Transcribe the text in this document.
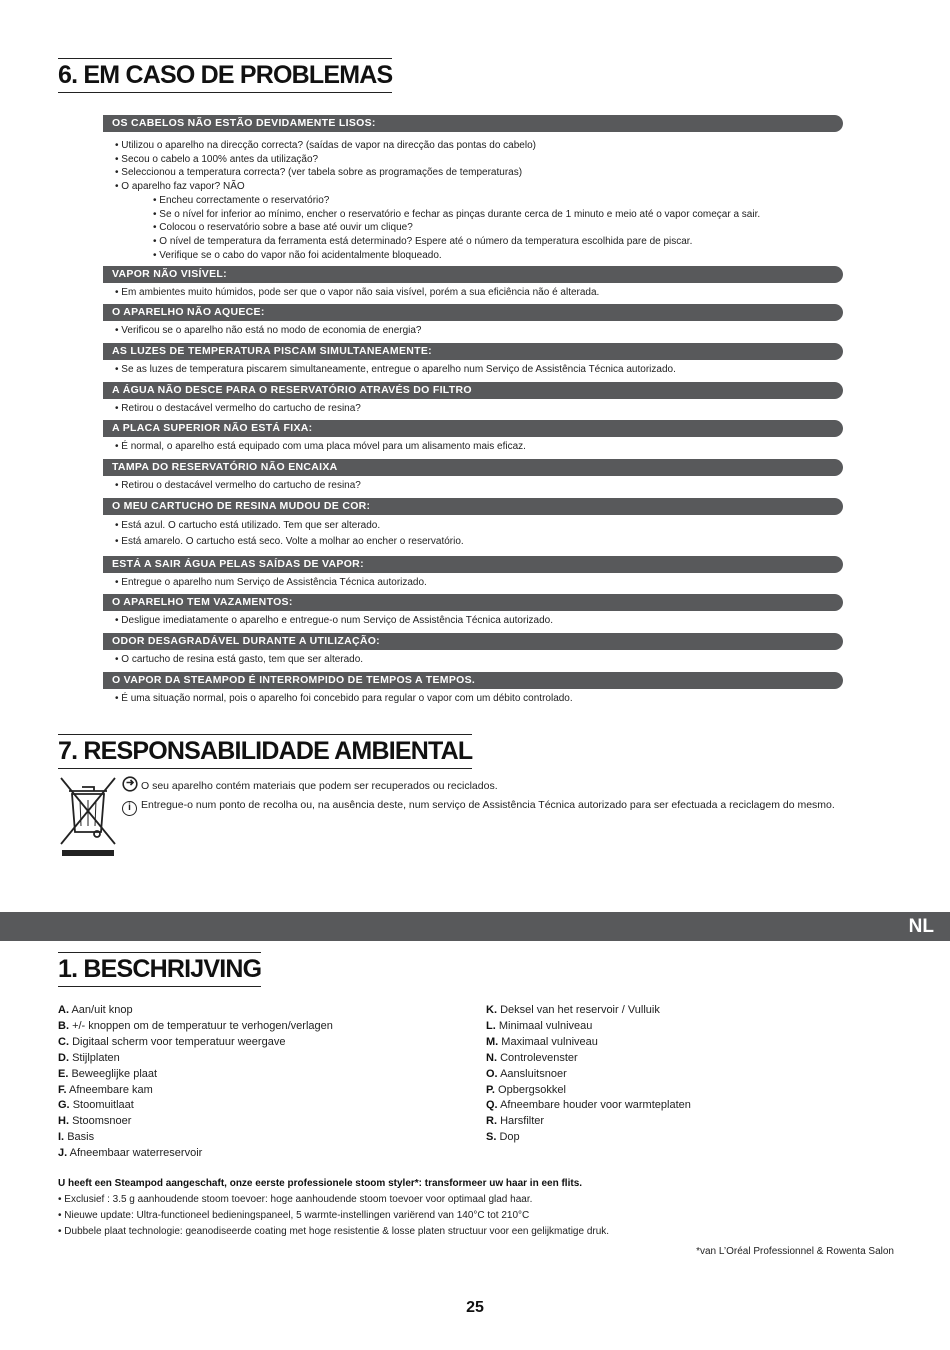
6. EM CASO DE PROBLEMAS
OS CABELOS NÃO ESTÃO DEVIDAMENTE LISOS:
• Utilizou o aparelho na direcção correcta? (saídas de vapor na direcção das pontas do cabelo)
• Secou o cabelo a 100% antes da utilização?
• Seleccionou a temperatura correcta? (ver tabela sobre as programações de temperaturas)
• O aparelho faz vapor? NÃO
• Encheu correctamente o reservatório?
• Se o nível for inferior ao mínimo, encher o reservatório e fechar as pinças durante cerca de 1 minuto e meio até o vapor começar a sair.
• Colocou o reservatório sobre a base até ouvir um clique?
• O nível de temperatura da ferramenta está determinado? Espere até o número da temperatura escolhida pare de piscar.
• Verifique se o cabo do vapor não foi acidentalmente bloqueado.
VAPOR NÃO VISÍVEL:
• Em ambientes muito húmidos, pode ser que o vapor não saia visível, porém a sua eficiência não é alterada.
O APARELHO NÃO AQUECE:
• Verificou se o aparelho não está no modo de economia de energia?
AS LUZES DE TEMPERATURA PISCAM SIMULTANEAMENTE:
• Se as luzes de temperatura piscarem simultaneamente, entregue o aparelho num Serviço de Assistência Técnica autorizado.
A ÁGUA NÃO DESCE PARA O RESERVATÓRIO ATRAVÉS DO FILTRO
• Retirou o destacável vermelho do cartucho de resina?
A PLACA SUPERIOR NÃO ESTÁ FIXA:
• É normal, o aparelho está equipado com uma placa móvel para um alisamento mais eficaz.
TAMPA DO RESERVATÓRIO NÃO ENCAIXA
• Retirou o destacável vermelho do cartucho de resina?
O MEU CARTUCHO DE RESINA MUDOU DE COR:
• Está azul. O cartucho está utilizado. Tem que ser alterado.
• Está amarelo. O cartucho está seco. Volte a molhar ao encher o reservatório.
ESTÁ A SAIR ÁGUA PELAS SAÍDAS DE VAPOR:
• Entregue o aparelho num Serviço de Assistência Técnica autorizado.
O APARELHO TEM VAZAMENTOS:
• Desligue imediatamente o aparelho e entregue-o num Serviço de Assistência Técnica autorizado.
ODOR DESAGRADÁVEL DURANTE A UTILIZAÇÃO:
• O cartucho de resina está gasto, tem que ser alterado.
O VAPOR DA STEAMPOD É INTERROMPIDO DE TEMPOS A TEMPOS.
• É uma situação normal, pois o aparelho foi concebido para regular o vapor com um débito controlado.
7. RESPONSABILIDADE AMBIENTAL
O seu aparelho contém materiais que podem ser recuperados ou reciclados.
i Entregue-o num ponto de recolha ou, na ausência deste, num serviço de Assistência Técnica autorizado para ser efectuada a reciclagem do mesmo.
NL
1. BESCHRIJVING
A. Aan/uit knop
B. +/- knoppen om de temperatuur te verhogen/verlagen
C. Digitaal scherm voor temperatuur weergave
D. Stijlplaten
E. Beweeglijke plaat
F. Afneembare kam
G. Stoomuitlaat
H. Stoomsnoer
I. Basis
J. Afneembaar waterreservoir
K. Deksel van het reservoir / Vulluik
L. Minimaal vulniveau
M. Maximaal vulniveau
N. Controlevenster
O. Aansluitsnoer
P. Opbergsokkel
Q. Afneembare houder voor warmteplaten
R. Harsfilter
S. Dop
U heeft een Steampod aangeschaft, onze eerste professionele stoom styler*: transformeer uw haar in een flits.
• Exclusief : 3.5 g aanhoudende stoom toevoer: hoge aanhoudende stoom toevoer voor optimaal glad haar.
• Nieuwe update: Ultra-functioneel bedieningspaneel, 5 warmte-instellingen variërend van 140°C tot 210°C
• Dubbele plaat technologie: geanodiseerde coating met hoge resistentie & losse platen structuur voor een gelijkmatige druk.
*van L’Oréal Professionnel & Rowenta Salon
25
